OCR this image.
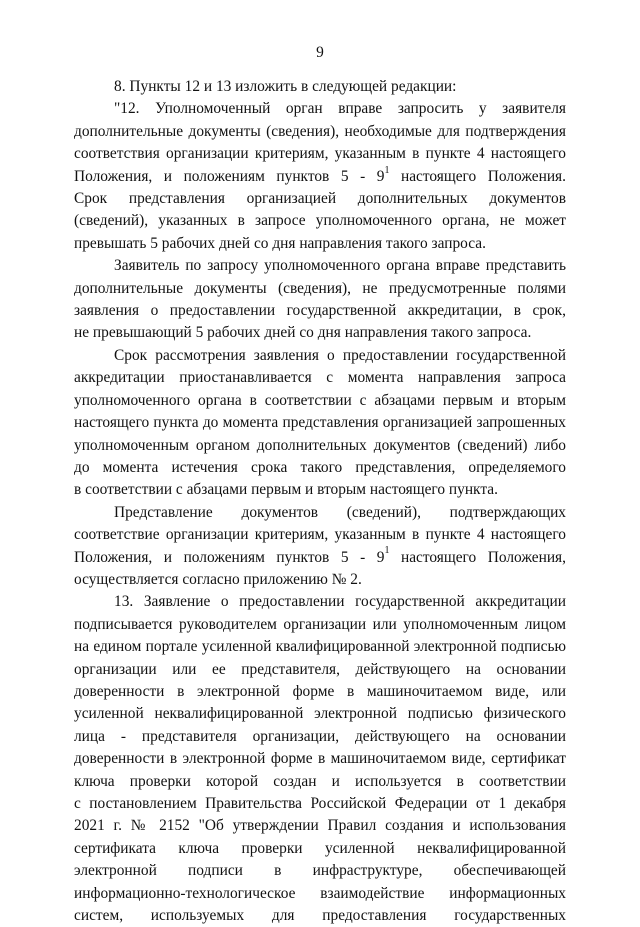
9
8. Пункты 12 и 13 изложить в следующей редакции:
"12. Уполномоченный орган вправе запросить у заявителя
дополнительные документы (сведения), необходимые для подтверждения
соответствия организации критериям, указанным в пункте 4 настоящего
Положения, и положениям пунктов $5 - 9^1$ настоящего Положения.
Срок представления организацией дополнительных документов
(сведений), указанных в запросе уполномоченного органа, не может
превышать 5 рабочих дней со дня направления такого запроса.
Заявитель по запросу уполномоченного органа вправе представить
дополнительные документы (сведения), не предусмотренные полями
заявления о предоставлении государственной аккредитации, в срок,
не превышающий 5 рабочих дней со дня направления такого запроса.
Срок рассмотрения заявления о предоставлении государственной
аккредитации приостанавливается с момента направления запроса
уполномоченного органа в соответствии с абзацами первым и вторым
настоящего пункта до момента представления организацией запрошенных
уполномоченным органом дополнительных документов (сведений) либо
до момента истечения срока такого представления, определяемого
в соответствии с абзацами первым и вторым настоящего пункта.
Представление документов (сведений), подтверждающих
соответствие организации критериям, указанным в пункте 4 настоящего
Положения, и положениям пунктов $5 - 9^1$ настоящего Положения,
осуществляется согласно приложению № 2.
13. Заявление о предоставлении государственной аккредитации
подписывается руководителем организации или уполномоченным лицом
на едином портале усиленной квалифицированной электронной подписью
организации или ее представителя, действующего на основании
доверенности в электронной форме в машиночитаемом виде, или
усиленной неквалифицированной электронной подписью физического
лица - представителя организации, действующего на основании
доверенности в электронной форме в машиночитаемом виде, сертификат
ключа проверки которой создан и используется в соответствии
с постановлением Правительства Российской Федерации от 1 декабря
2021 г. № 2152 "Об утверждении Правил создания и использования
сертификата ключа проверки усиленной неквалифицированной
электронной подписи в инфраструктуре, обеспечивающей
информационно-технологическое взаимодействие информационных
систем, используемых для предоставления государственных
